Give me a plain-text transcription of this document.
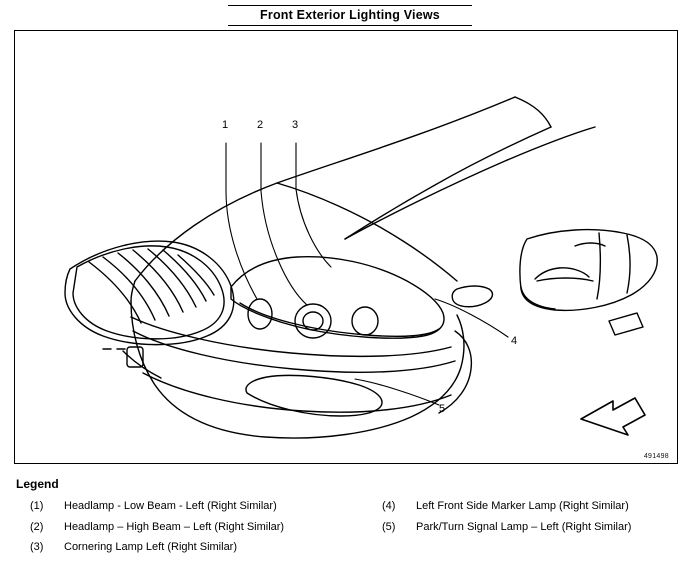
Front Exterior Lighting Views
1	2	3
4
5
491498
Legend
(1)	Headlamp - Low Beam - Left (Right Similar)
(2)	Headlamp – High Beam – Left (Right Similar)
(3)	Cornering Lamp Left (Right Similar)
(4)	Left Front Side Marker Lamp (Right Similar)
(5)	Park/Turn Signal Lamp – Left (Right Similar)
